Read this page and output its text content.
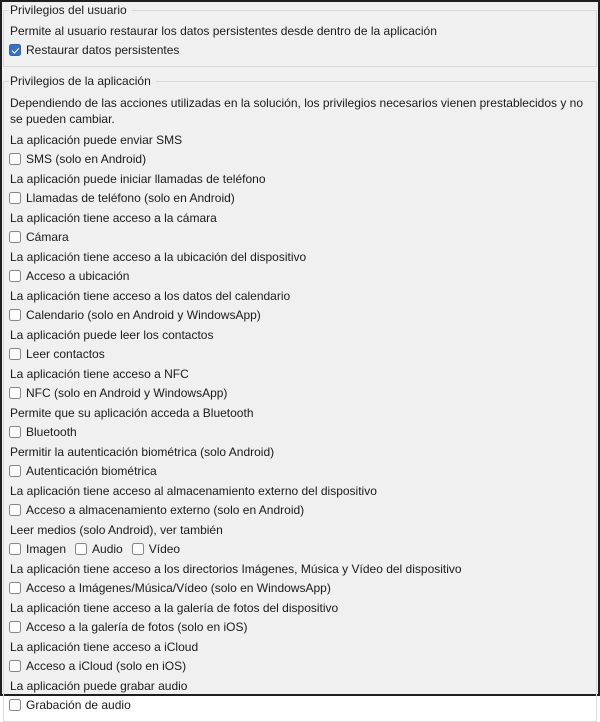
Privilegios del usuario
Permite al usuario restaurar los datos persistentes desde dentro de la aplicación
Restaurar datos persistentes
Privilegios de la aplicación
Dependiendo de las acciones utilizadas en la solución, los privilegios necesarios vienen prestablecidos y no se pueden cambiar.
La aplicación puede enviar SMS
SMS (solo en Android)
La aplicación puede iniciar llamadas de teléfono
Llamadas de teléfono (solo en Android)
La aplicación tiene acceso a la cámara
Cámara
La aplicación tiene acceso a la ubicación del dispositivo
Acceso a ubicación
La aplicación tiene acceso a los datos del calendario
Calendario (solo en Android y WindowsApp)
La aplicación puede leer los contactos
Leer contactos
La aplicación tiene acceso a NFC
NFC (solo en Android y WindowsApp)
Permite que su aplicación acceda a Bluetooth
Bluetooth
Permitir la autenticación biométrica (solo Android)
Autenticación biométrica
La aplicación tiene acceso al almacenamiento externo del dispositivo
Acceso a almacenamiento externo (solo en Android)
Leer medios (solo Android), ver también
Imagen Audio Vídeo
La aplicación tiene acceso a los directorios Imágenes, Música y Vídeo del dispositivo
Acceso a Imágenes/Música/Vídeo (solo en WindowsApp)
La aplicación tiene acceso a la galería de fotos del dispositivo
Acceso a la galería de fotos (solo en iOS)
La aplicación tiene acceso a iCloud
Acceso a iCloud (solo en iOS)
La aplicación puede grabar audio
Grabación de audio
